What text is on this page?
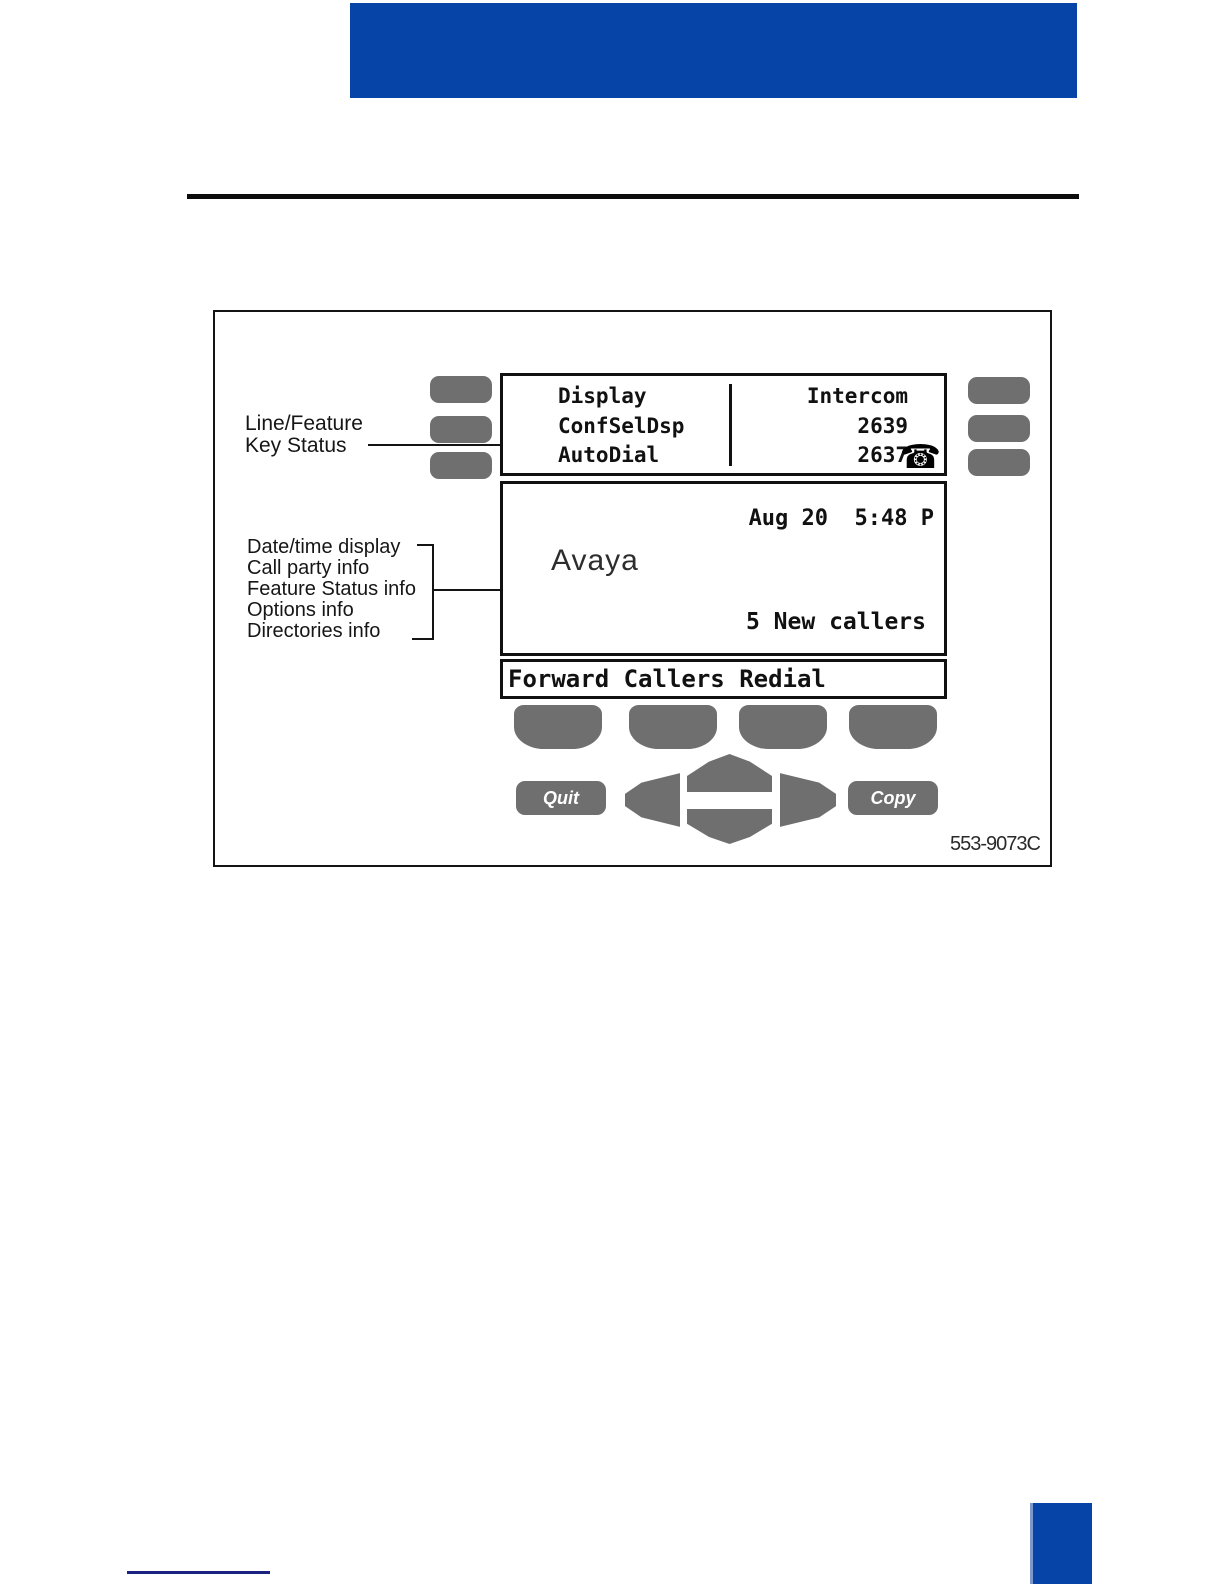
Line/Feature
Key Status
Date/time display
Call party info
Feature Status info
Options info
Directories info
Display	Intercom
ConfSelDsp	2639
AutoDial	2637
☎
Aug 20  5:48 P
Avaya
5 New callers
Forward Callers Redial
Quit	Copy
553-9073C
